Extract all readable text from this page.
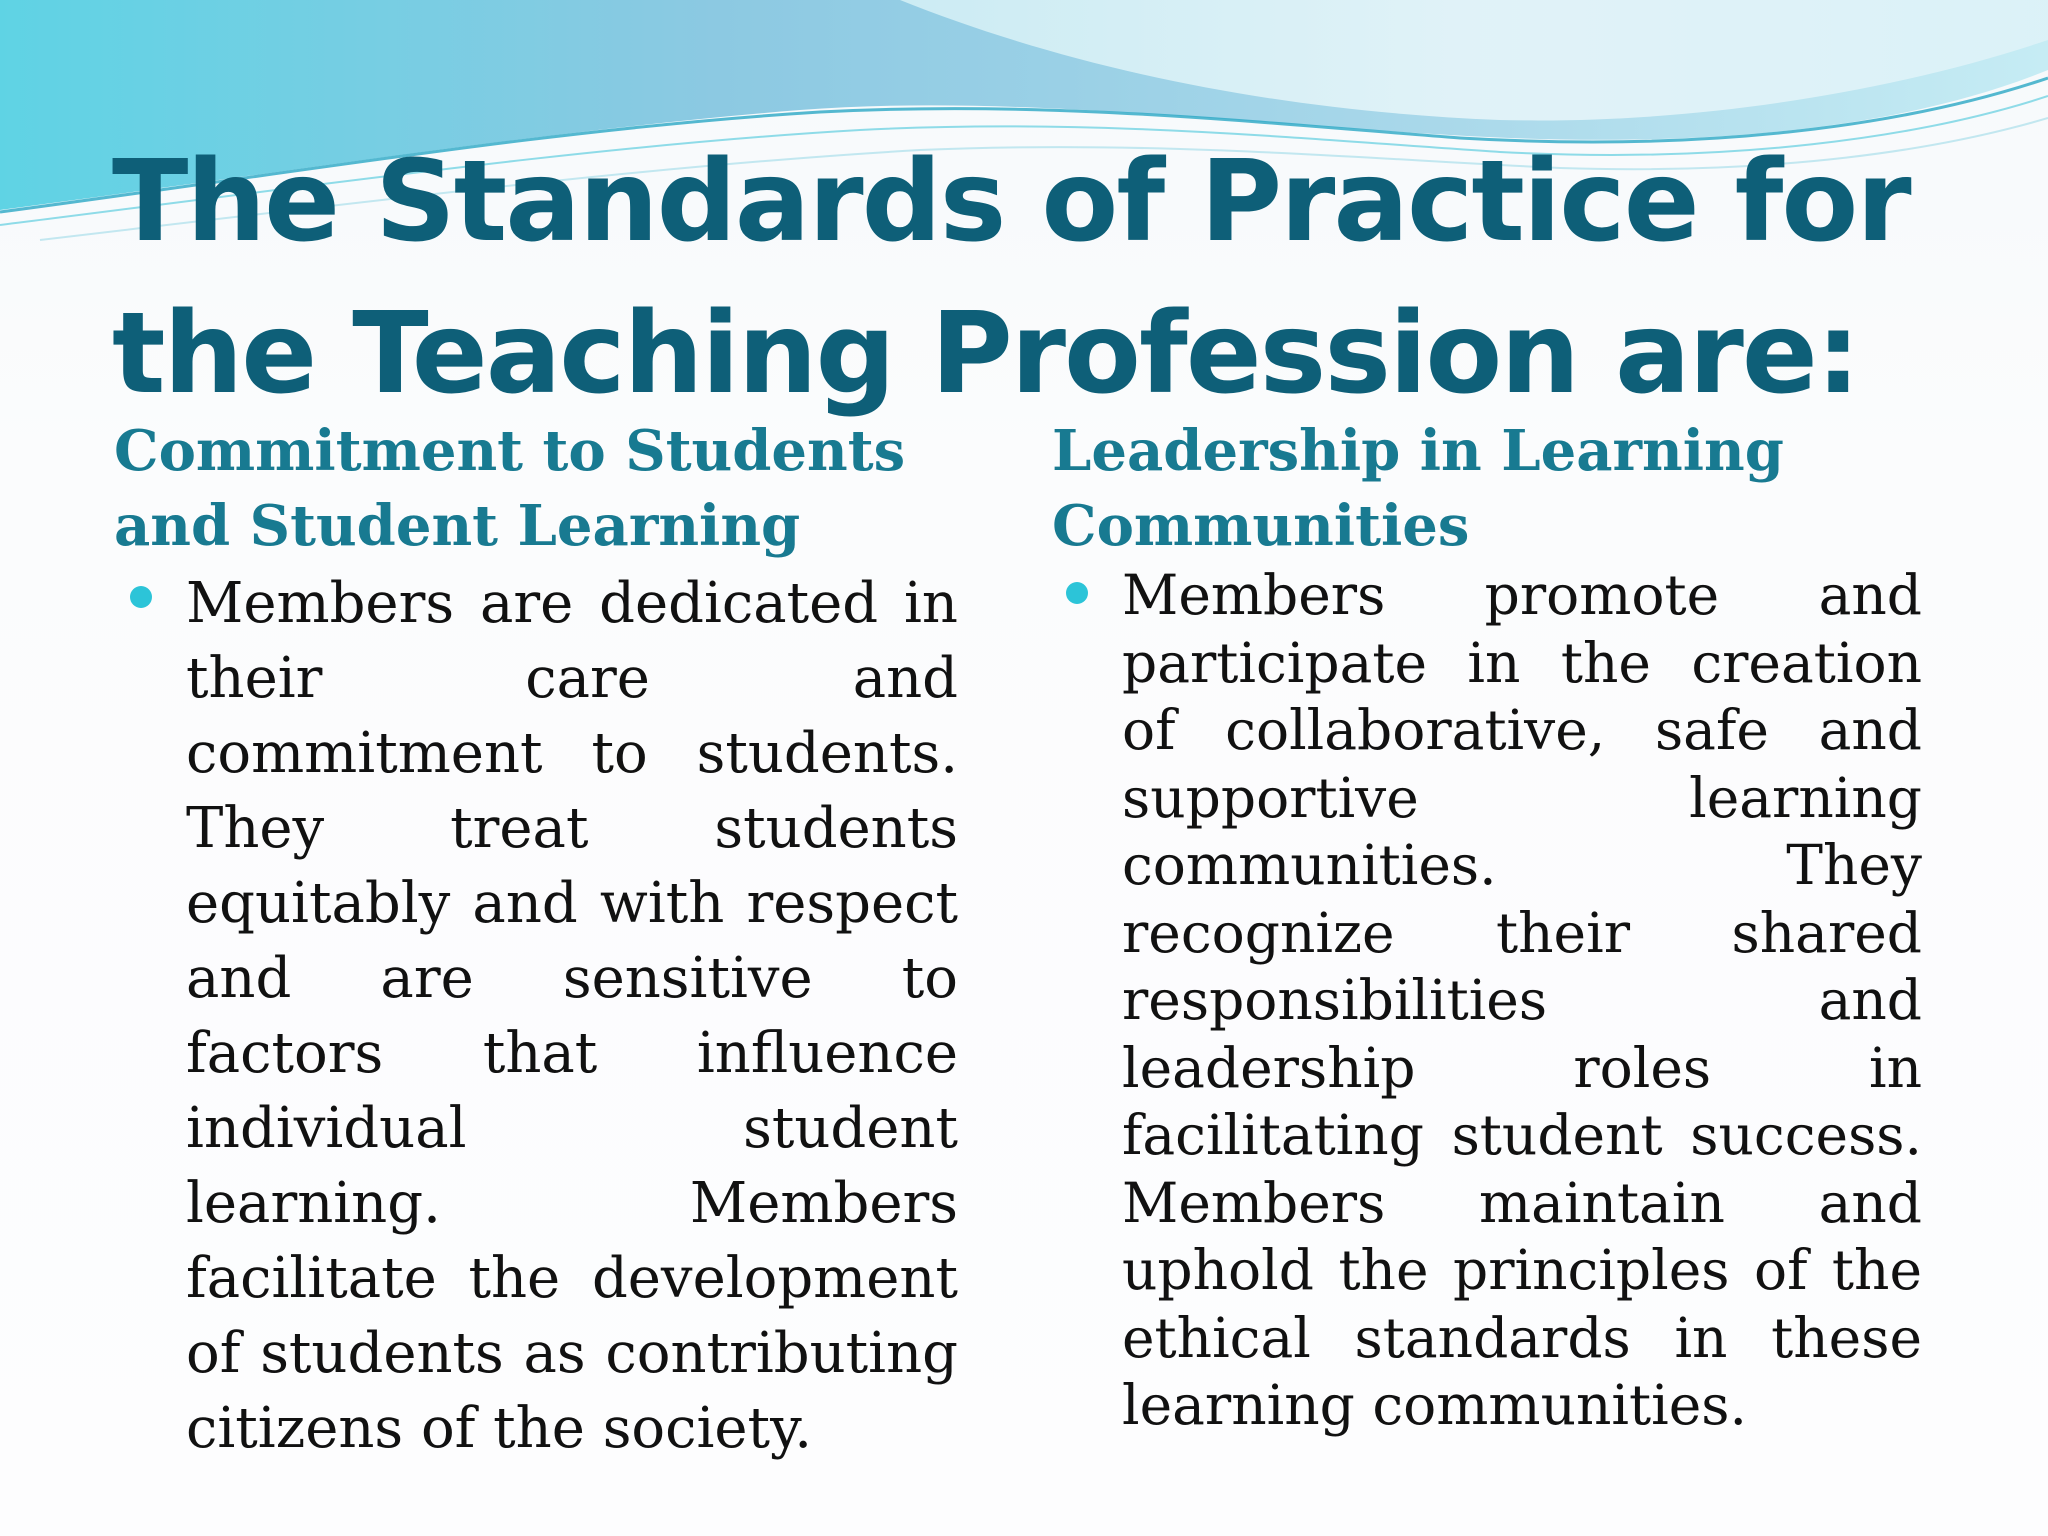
The Standards of Practice for the Teaching Profession are:
Commitment to Students and Student Learning

Members are dedicated in their care and commitment to students. They treat students equitably and with respect and are sensitive to factors that influence individual student learning. Members facilitate the development of students as contributing citizens of the society.

Leadership in Learning Communities

Members promote and participate in the creation of collaborative, safe and supportive learning communities. They recognize their shared responsibilities and leadership roles in facilitating student success. Members maintain and uphold the principles of the ethical standards in these learning communities.
